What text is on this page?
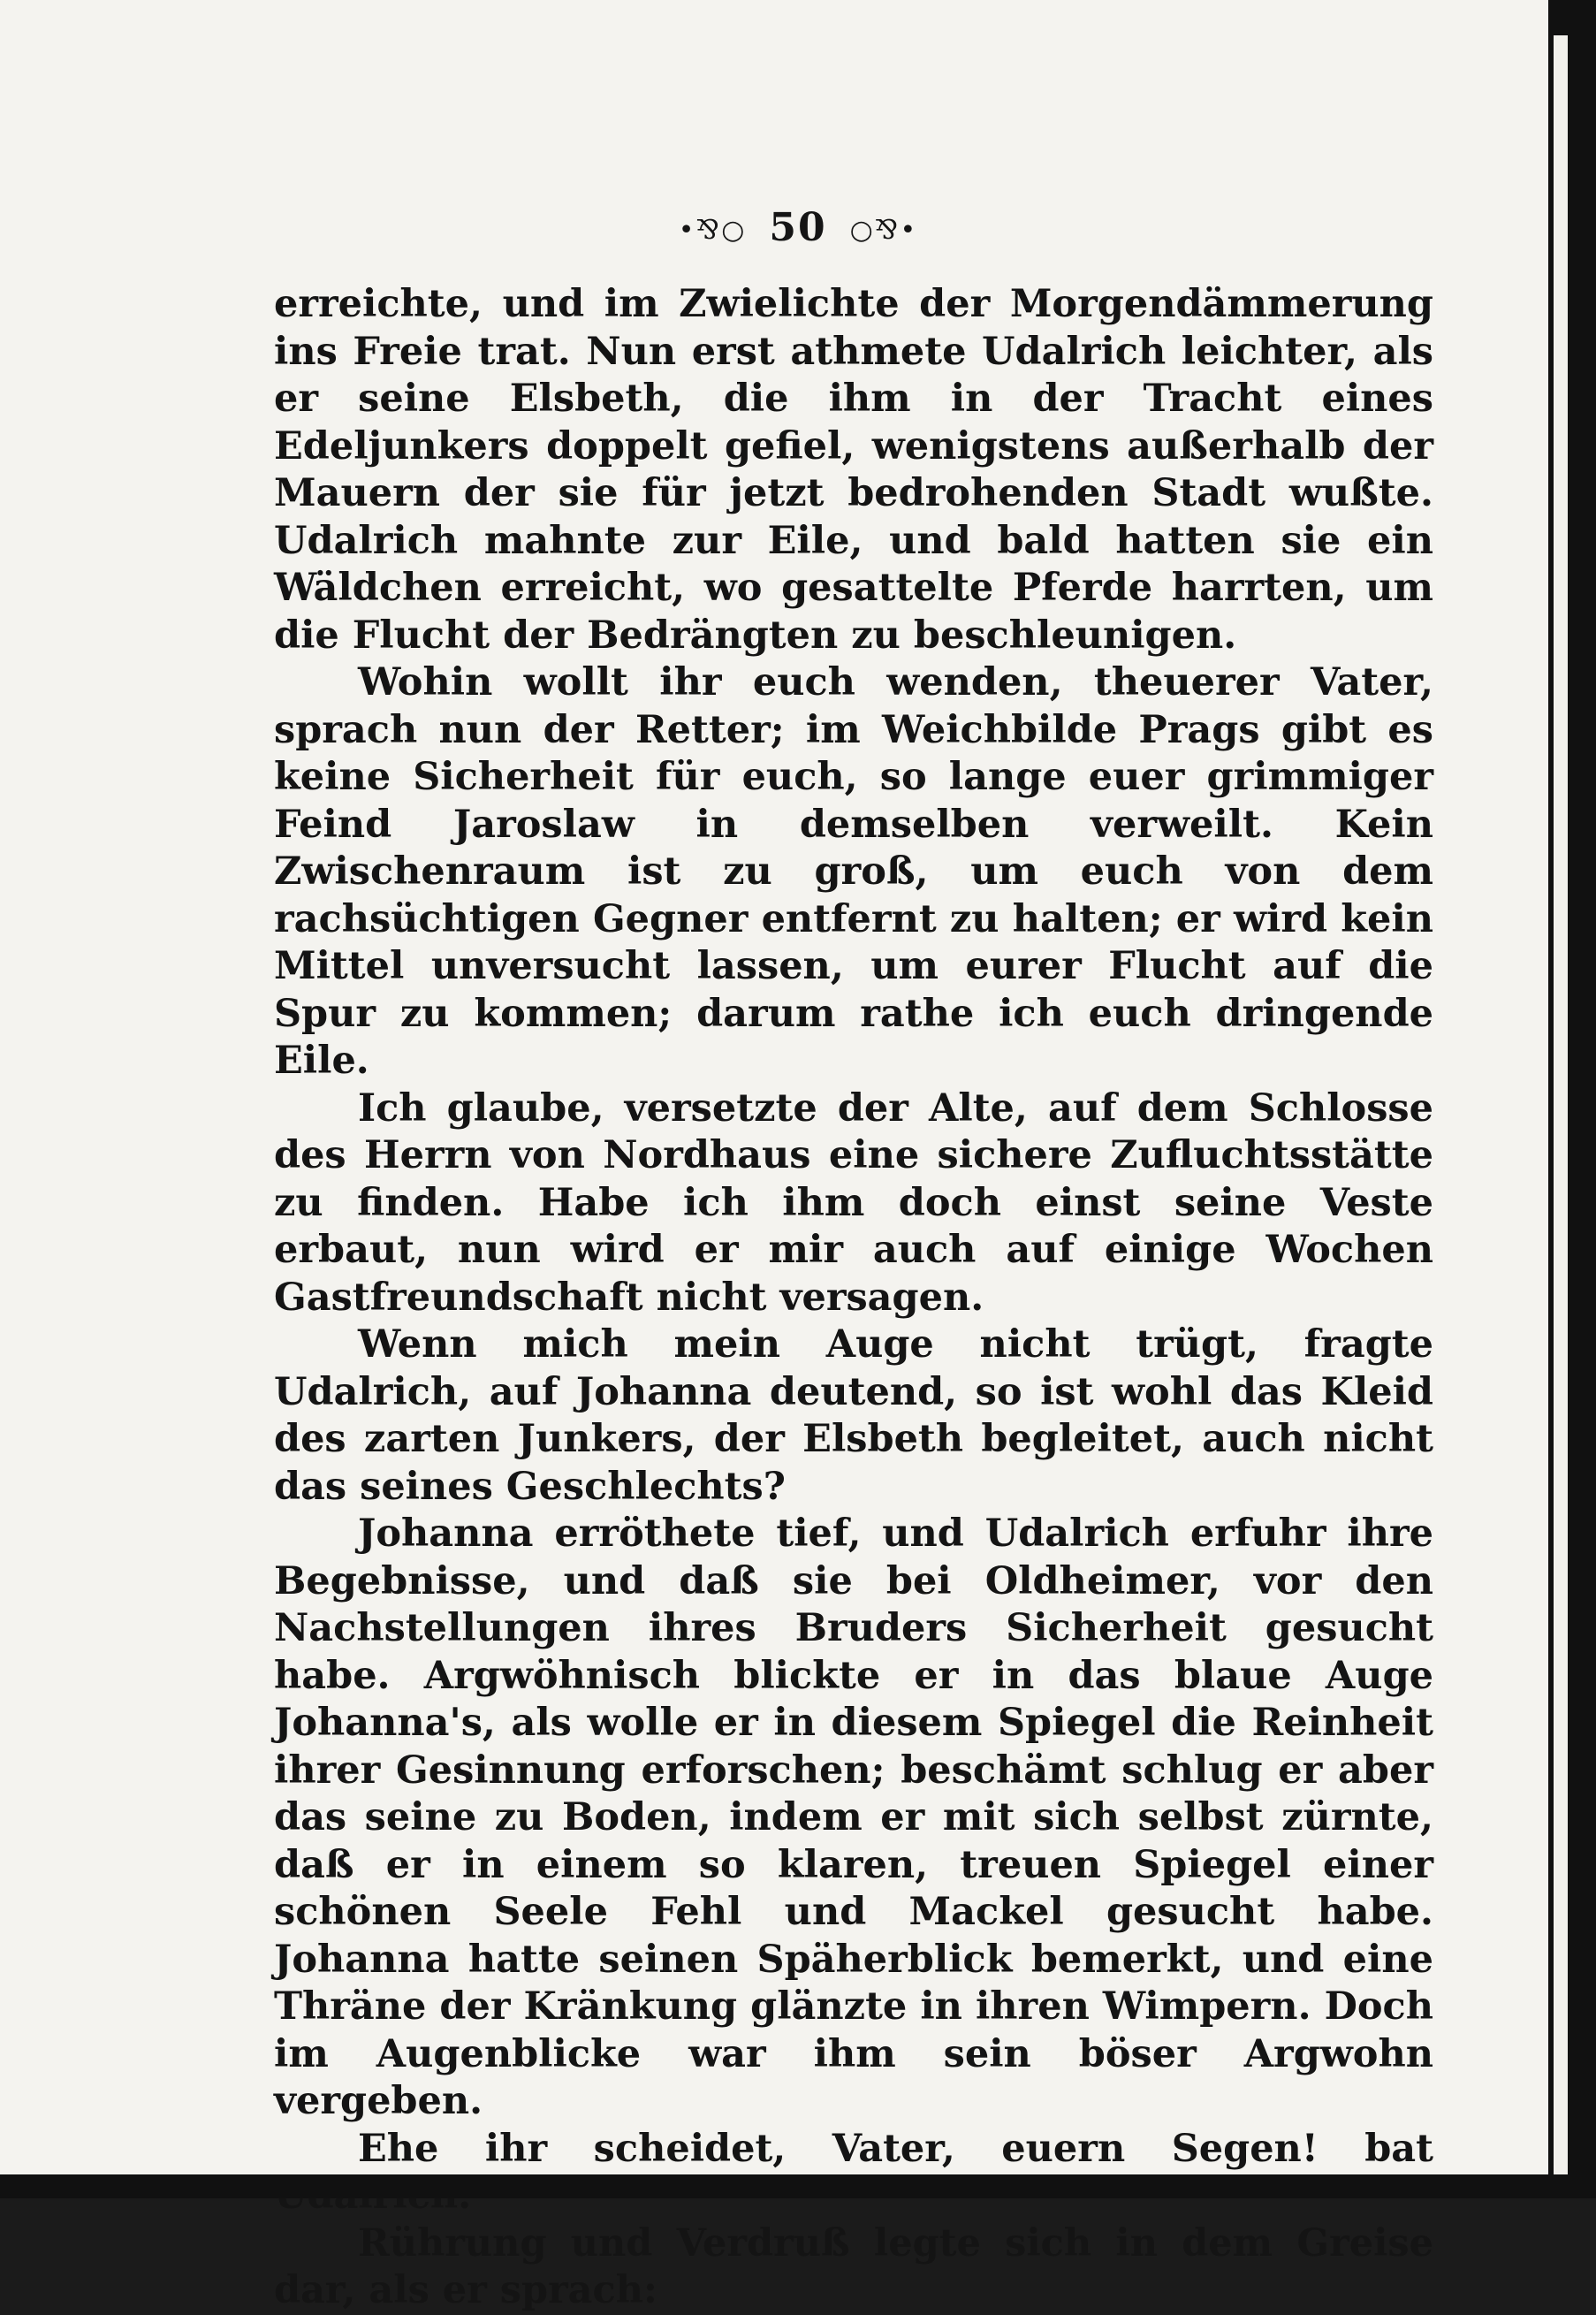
•⅋○ 50 ○⅋•

erreichte, und im Zwielichte der Morgendämmerung ins Freie trat. Nun erst athmete Udalrich leichter, als er seine Elsbeth, die ihm in der Tracht eines Edeljunkers doppelt gefiel, wenigstens außerhalb der Mauern der sie für jetzt bedrohenden Stadt wußte. Udalrich mahnte zur Eile, und bald hatten sie ein Wäldchen erreicht, wo gesattelte Pferde harrten, um die Flucht der Bedrängten zu beschleunigen.

Wohin wollt ihr euch wenden, theuerer Vater, sprach nun der Retter; im Weichbilde Prags gibt es keine Sicherheit für euch, so lange euer grimmiger Feind Jaroslaw in demselben verweilt. Kein Zwischenraum ist zu groß, um euch von dem rachsüchtigen Gegner entfernt zu halten; er wird kein Mittel unversucht lassen, um eurer Flucht auf die Spur zu kommen; darum rathe ich euch dringende Eile.

Ich glaube, versetzte der Alte, auf dem Schlosse des Herrn von Nordhaus eine sichere Zufluchtsstätte zu finden. Habe ich ihm doch einst seine Veste erbaut, nun wird er mir auch auf einige Wochen Gastfreundschaft nicht versagen.

Wenn mich mein Auge nicht trügt, fragte Udalrich, auf Johanna deutend, so ist wohl das Kleid des zarten Junkers, der Elsbeth begleitet, auch nicht das seines Geschlechts?

Johanna erröthete tief, und Udalrich erfuhr ihre Begebnisse, und daß sie bei Oldheimer, vor den Nachstellungen ihres Bruders Sicherheit gesucht habe. Argwöhnisch blickte er in das blaue Auge Johanna's, als wolle er in diesem Spiegel die Reinheit ihrer Gesinnung erforschen; beschämt schlug er aber das seine zu Boden, indem er mit sich selbst zürnte, daß er in einem so klaren, treuen Spiegel einer schönen Seele Fehl und Mackel gesucht habe. Johanna hatte seinen Späherblick bemerkt, und eine Thräne der Kränkung glänzte in ihren Wimpern. Doch im Augenblicke war ihm sein böser Argwohn vergeben.

Ehe ihr scheidet, Vater, euern Segen! bat

Rührung und Verdruß legte sich in dem Greise dar, als er sprach:
